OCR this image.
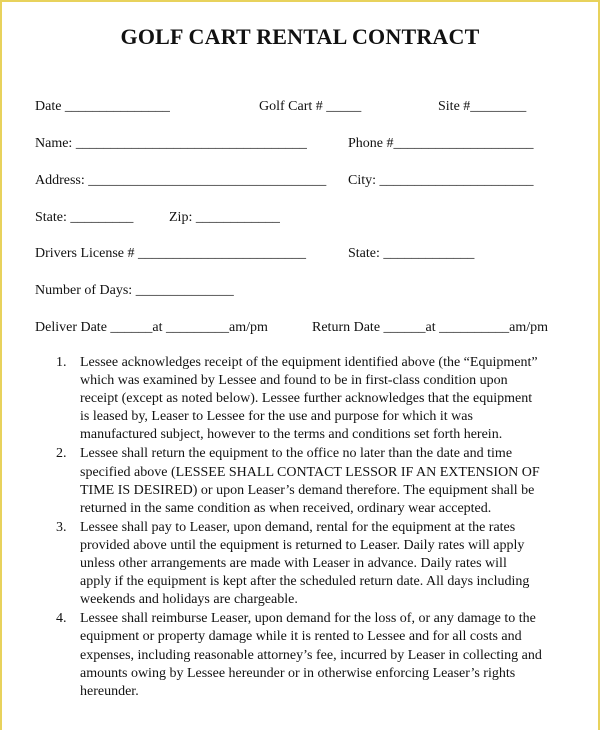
GOLF CART RENTAL CONTRACT
Date _______________	Golf Cart # _____	Site #________
Name: _________________________________	Phone #____________________
Address: __________________________________ City: ______________________
State: _________	Zip: ____________
Drivers License # ________________________	State: _____________
Number of Days: ______________
Deliver Date ______at _________am/pm	Return Date ______at __________am/pm
1. Lessee acknowledges receipt of the equipment identified above (the “Equipment”
which was examined by Lessee and found to be in first-class condition upon
receipt (except as noted below). Lessee further acknowledges that the equipment
is leased by, Leaser to Lessee for the use and purpose for which it was
manufactured subject, however to the terms and conditions set forth herein.
2. Lessee shall return the equipment to the office no later than the date and time
specified above (LESSEE SHALL CONTACT LESSOR IF AN EXTENSION OF
TIME IS DESIRED) or upon Leaser’s demand therefore. The equipment shall be
returned in the same condition as when received, ordinary wear accepted.
3. Lessee shall pay to Leaser, upon demand, rental for the equipment at the rates
provided above until the equipment is returned to Leaser. Daily rates will apply
unless other arrangements are made with Leaser in advance. Daily rates will
apply if the equipment is kept after the scheduled return date. All days including
weekends and holidays are chargeable.
4. Lessee shall reimburse Leaser, upon demand for the loss of, or any damage to the
equipment or property damage while it is rented to Lessee and for all costs and
expenses, including reasonable attorney’s fee, incurred by Leaser in collecting and
amounts owing by Lessee hereunder or in otherwise enforcing Leaser’s rights
hereunder.
